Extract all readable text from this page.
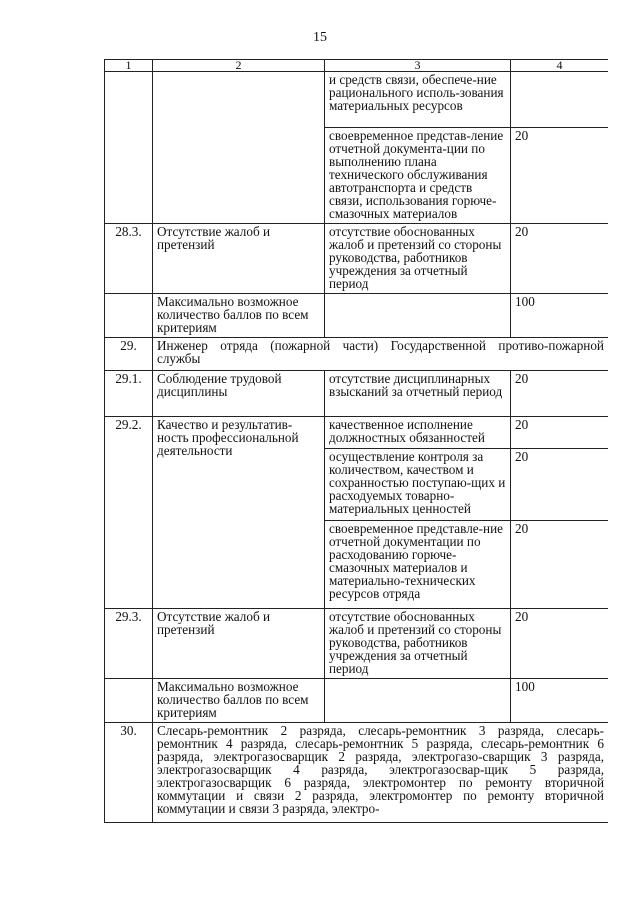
15
1	2	3	4
		и средств связи, обеспече-ние рационального исполь-зования материальных ресурсов	
		своевременное представ-ление отчетной документа-ции по выполнению плана технического обслуживания автотранспорта и средств связи, использования горюче-смазочных материалов	20
28.3.	Отсутствие жалоб и претензий	отсутствие обоснованных жалоб и претензий со стороны руководства, работников учреждения за отчетный период	20
	Максимально возможное количество баллов по всем критериям		100
29.	Инженер отряда (пожарной части) Государственной противо-пожарной службы		
29.1.	Соблюдение трудовой дисциплины	отсутствие дисциплинарных взысканий за отчетный период	20
29.2.	Качество и результатив-ность профессиональной деятельности	качественное исполнение должностных обязанностей	20
		осуществление контроля за количеством, качеством и сохранностью поступаю-щих и расходуемых товарно-материальных ценностей	20
		своевременное представле-ние отчетной документации по расходованию горюче-смазочных материалов и материально-технических ресурсов отряда	20
29.3.	Отсутствие жалоб и претензий	отсутствие обоснованных жалоб и претензий со стороны руководства, работников учреждения за отчетный период	20
	Максимально возможное количество баллов по всем критериям		100
30.	Слесарь-ремонтник 2 разряда, слесарь-ремонтник 3 разряда, слесарь-ремонтник 4 разряда, слесарь-ремонтник 5 разряда, слесарь-ремонтник 6 разряда, электрогазосварщик 2 разряда, электрогазо-сварщик 3 разряда, электрогазосварщик 4 разряда, электрогазосвар-щик 5 разряда, электрогазосварщик 6 разряда, электромонтер по ремонту вторичной коммутации и связи 2 разряда, электромонтер по ремонту вторичной коммутации и связи 3 разряда, электро-		
